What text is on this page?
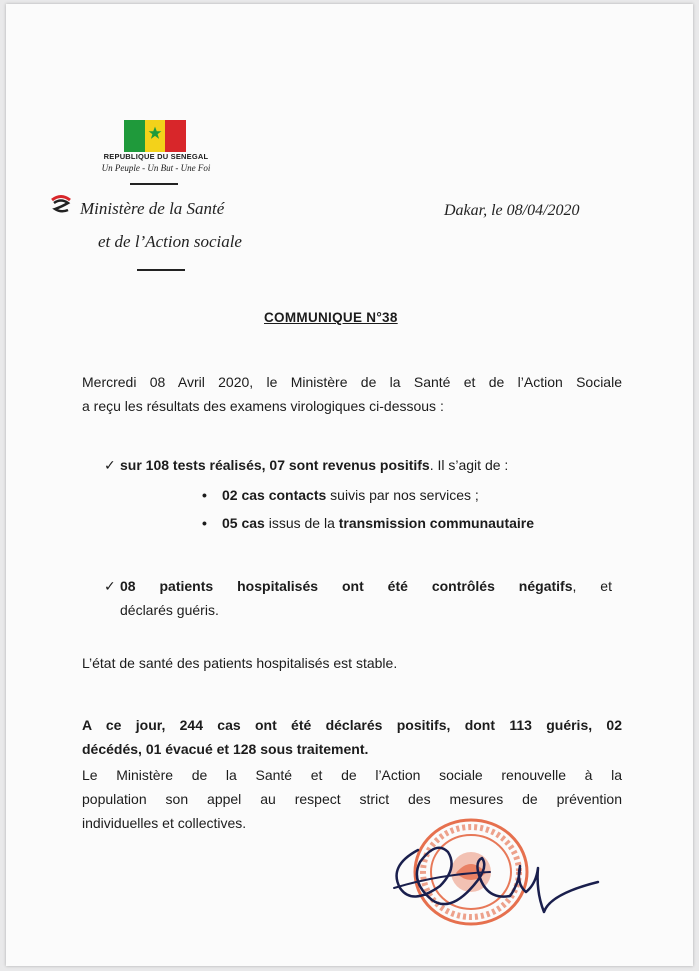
REPUBLIQUE DU SENEGAL
Un Peuple - Un But - Une Foi
Ministère de la Santé
et de l’Action sociale
Dakar, le 08/04/2020
COMMUNIQUE N°38
Mercredi 08 Avril 2020, le Ministère de la Santé et de l’Action Sociale
a reçu les résultats des examens virologiques ci-dessous :
✓ sur 108 tests réalisés, 07 sont revenus positifs. Il s’agit de :
• 02 cas contacts suivis par nos services ;
• 05 cas issus de la transmission communautaire
✓ 08 patients hospitalisés ont été contrôlés négatifs, et
déclarés guéris.
L’état de santé des patients hospitalisés est stable.
A ce jour, 244 cas ont été déclarés positifs, dont 113 guéris, 02
décédés, 01 évacué et 128 sous traitement.
Le Ministère de la Santé et de l’Action sociale renouvelle à la
population son appel au respect strict des mesures de prévention
individuelles et collectives.
